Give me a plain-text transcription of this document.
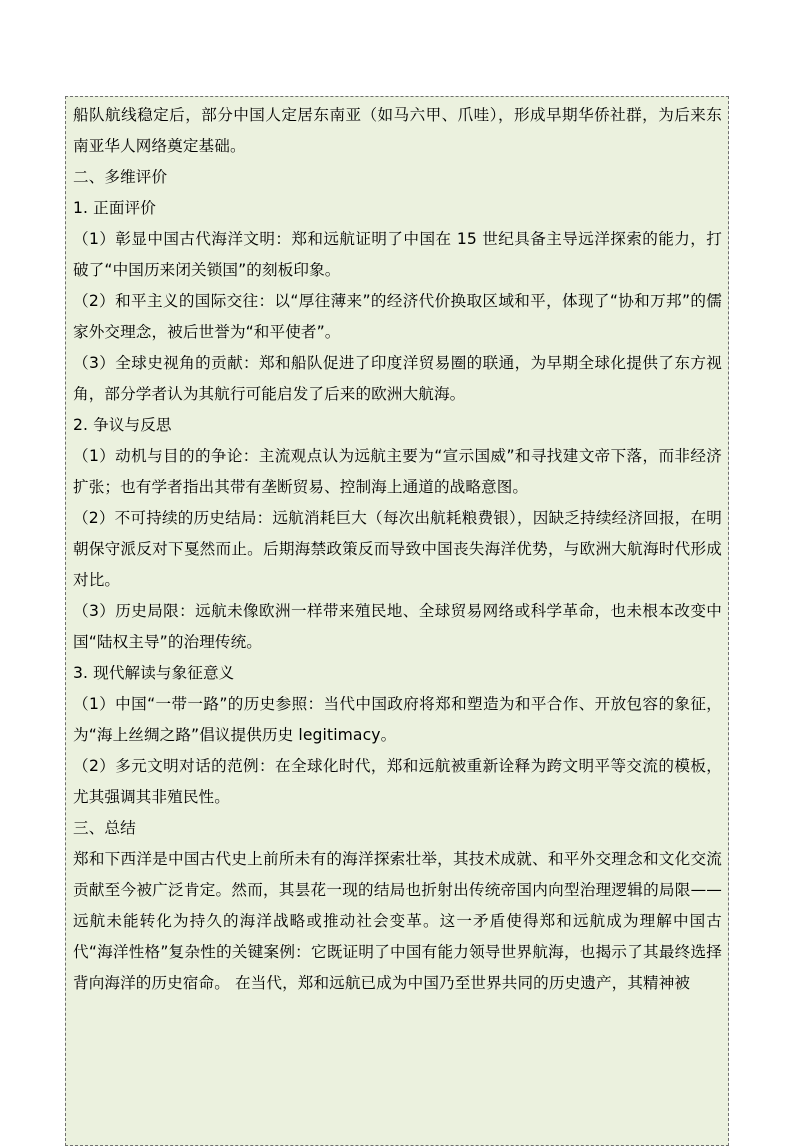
船队航线稳定后，部分中国人定居东南亚（如马六甲、爪哇），形成早期华侨社群，为后来东南亚华人网络奠定基础。

二、多维评价

1. 正面评价

（1）彰显中国古代海洋文明：郑和远航证明了中国在 15 世纪具备主导远洋探索的能力，打破了“中国历来闭关锁国”的刻板印象。

（2）和平主义的国际交往：以“厚往薄来”的经济代价换取区域和平，体现了“协和万邦”的儒家外交理念，被后世誉为“和平使者”。

（3）全球史视角的贡献：郑和船队促进了印度洋贸易圈的联通，为早期全球化提供了东方视角，部分学者认为其航行可能启发了后来的欧洲大航海。

2. 争议与反思

（1）动机与目的的争论：主流观点认为远航主要为“宣示国威”和寻找建文帝下落，而非经济扩张；也有学者指出其带有垄断贸易、控制海上通道的战略意图。

（2）不可持续的历史结局：远航消耗巨大（每次出航耗粮费银），因缺乏持续经济回报，在明朝保守派反对下戛然而止。后期海禁政策反而导致中国丧失海洋优势，与欧洲大航海时代形成对比。

（3）历史局限：远航未像欧洲一样带来殖民地、全球贸易网络或科学革命，也未根本改变中国“陆权主导”的治理传统。

3. 现代解读与象征意义

（1）中国“一带一路”的历史参照：当代中国政府将郑和塑造为和平合作、开放包容的象征，为“海上丝绸之路”倡议提供历史 legitimacy。

（2）多元文明对话的范例：在全球化时代，郑和远航被重新诠释为跨文明平等交流的模板，尤其强调其非殖民性。

三、总结

郑和下西洋是中国古代史上前所未有的海洋探索壮举，其技术成就、和平外交理念和文化交流贡献至今被广泛肯定。然而，其昙花一现的结局也折射出传统帝国内向型治理逻辑的局限——远航未能转化为持久的海洋战略或推动社会变革。这一矛盾使得郑和远航成为理解中国古代“海洋性格”复杂性的关键案例：它既证明了中国有能力领导世界航海，也揭示了其最终选择背向海洋的历史宿命。 在当代，郑和远航已成为中国乃至世界共同的历史遗产，其精神被
